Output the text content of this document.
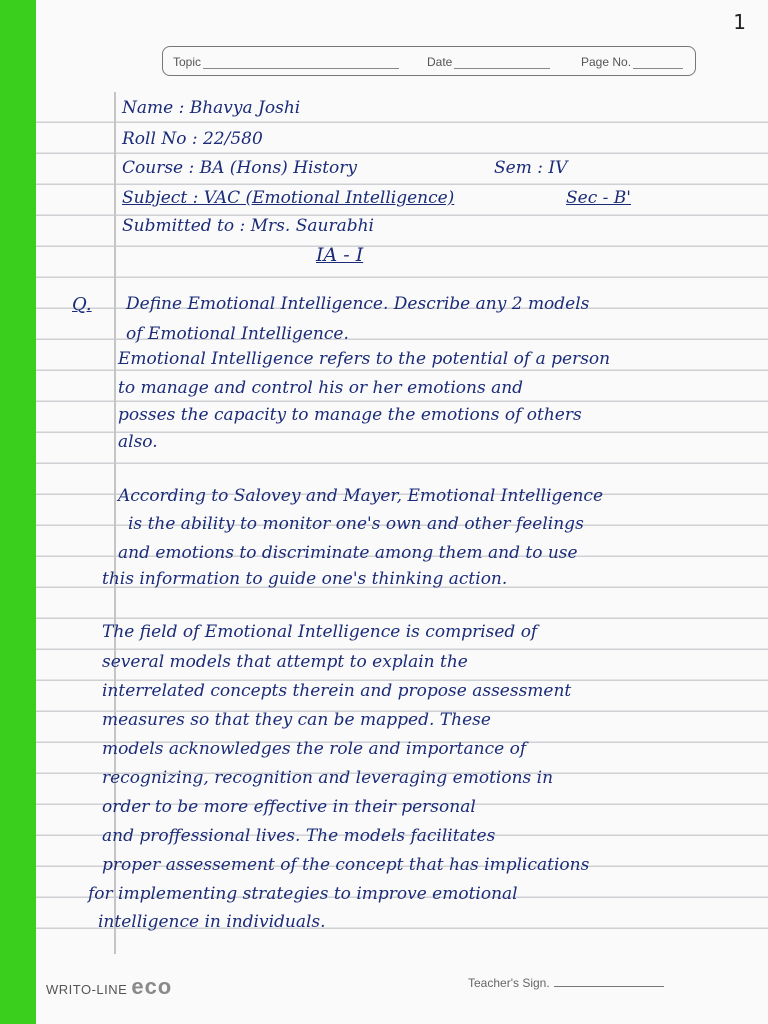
1
Topic	Date	Page No.
Name : Bhavya Joshi
Roll No : 22/580
Course : BA (Hons) History	Sem : IV
Subject : VAC (Emotional Intelligence)	Sec - B'
Submitted to : Mrs. Saurabhi
IA - I
Q. Define Emotional Intelligence. Describe any 2 models
of Emotional Intelligence.
Emotional Intelligence refers to the potential of a person
to manage and control his or her emotions and
posses the capacity to manage the emotions of others
also.
According to Salovey and Mayer, Emotional Intelligence
is the ability to monitor one's own and other feelings
and emotions to discriminate among them and to use
this information to guide one's thinking action.
The field of Emotional Intelligence is comprised of
several models that attempt to explain the
interrelated concepts therein and propose assessment
measures so that they can be mapped. These
models acknowledges the role and importance of
recognizing, recognition and leveraging emotions in
order to be more effective in their personal
and proffessional lives. The models facilitates
proper assessement of the concept that has implications
for implementing strategies to improve emotional
intelligence in individuals.
WRITO-LINE eco	Teacher's Sign.
